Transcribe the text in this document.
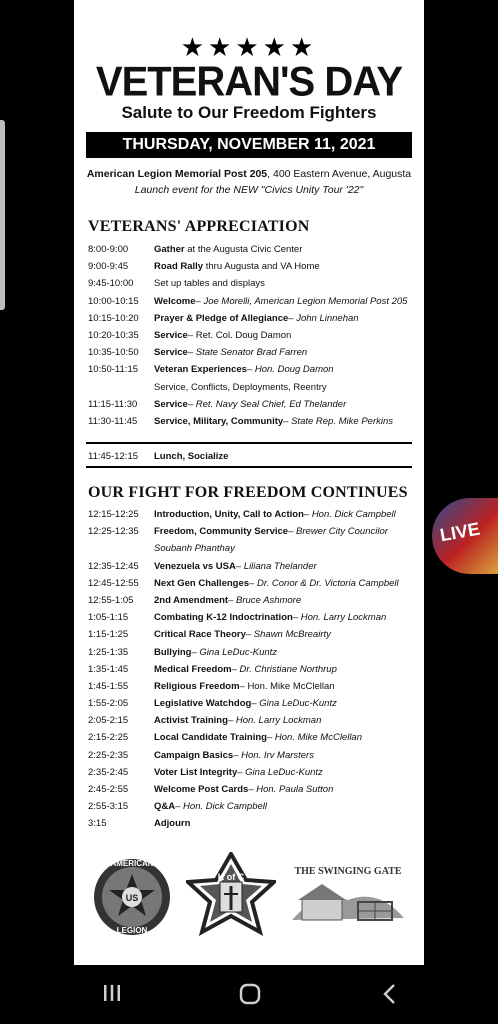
★★★★★
VETERAN'S DAY
Salute to Our Freedom Fighters
THURSDAY, NOVEMBER 11, 2021
American Legion Memorial Post 205, 400 Eastern Avenue, Augusta
Launch event for the NEW "Civics Unity Tour '22"
VETERANS' APPRECIATION
8:00-9:00	Gather at the Augusta Civic Center
9:00-9:45	Road Rally thru Augusta and VA Home
9:45-10:00	Set up tables and displays
10:00-10:15	Welcome– Joe Morelli, American Legion Memorial Post 205
10:15-10:20	Prayer & Pledge of Allegiance– John Linnehan
10:20-10:35	Service– Ret. Col. Doug Damon
10:35-10:50	Service– State Senator Brad Farren
10:50-11:15	Veteran Experiences– Hon. Doug Damon
Service, Conflicts, Deployments, Reentry
11:15-11:30	Service– Ret. Navy Seal Chief, Ed Thelander
11:30-11:45	Service, Military, Community– State Rep. Mike Perkins
11:45-12:15	Lunch, Socialize
OUR FIGHT FOR FREEDOM CONTINUES
12:15-12:25	Introduction, Unity, Call to Action– Hon. Dick Campbell
12:25-12:35	Freedom, Community Service– Brewer City Councilor
Soubanh Phanthay
12:35-12:45	Venezuela vs USA– Liliana Thelander
12:45-12:55	Next Gen Challenges– Dr. Conor & Dr. Victoria Campbell
12:55-1:05	2nd Amendment– Bruce Ashmore
1:05-1:15	Combating K-12 Indoctrination– Hon. Larry Lockman
1:15-1:25	Critical Race Theory– Shawn McBreairty
1:25-1:35	Bullying– Gina LeDuc-Kuntz
1:35-1:45	Medical Freedom– Dr. Christiane Northrup
1:45-1:55	Religious Freedom– Hon. Mike McClellan
1:55-2:05	Legislative Watchdog– Gina LeDuc-Kuntz
2:05-2:15	Activist Training– Hon. Larry Lockman
2:15-2:25	Local Candidate Training– Hon. Mike McClellan
2:25-2:35	Campaign Basics– Hon. Irv Marsters
2:35-2:45	Voter List Integrity– Gina LeDuc-Kuntz
2:45-2:55	Welcome Post Cards– Hon. Paula Sutton
2:55-3:15	Q&A– Hon. Dick Campbell
3:15	Adjourn
US
AMERICAN
LEGION
K of C	THE SWINGING GATE
LIVE
